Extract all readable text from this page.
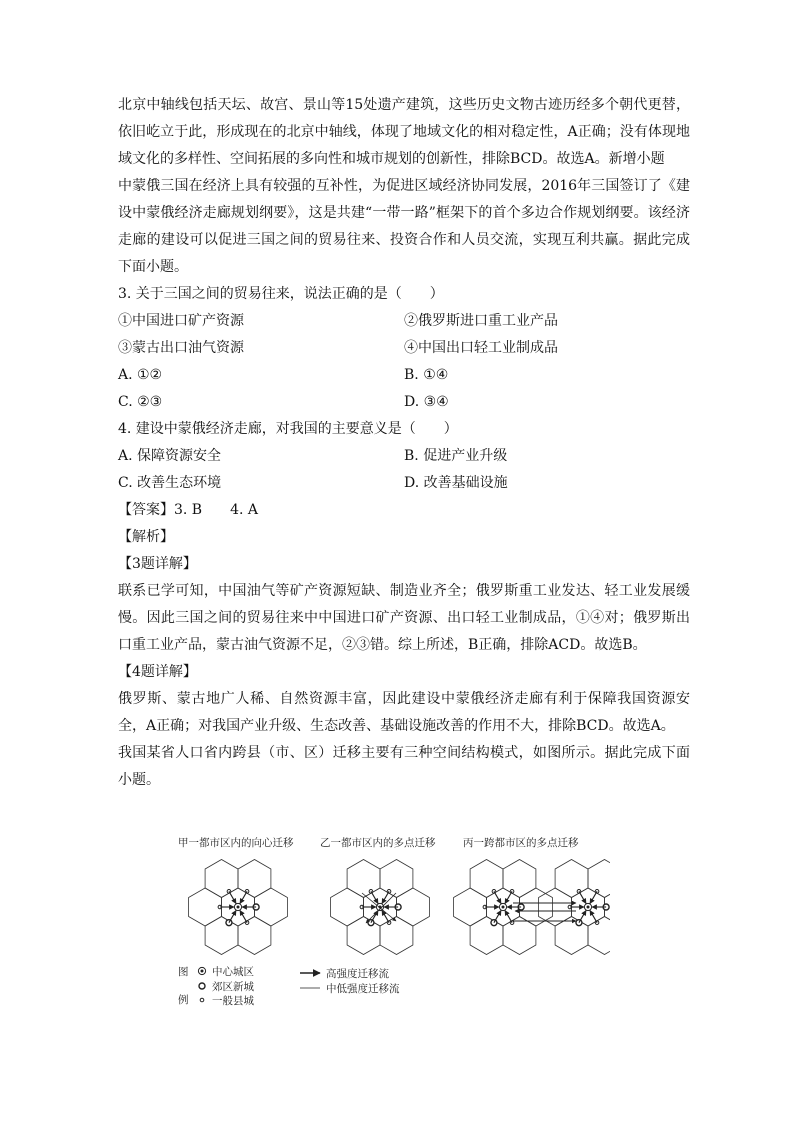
北京中轴线包括天坛、故宫、景山等15处遗产建筑，这些历史文物古迹历经多个朝代更替，依旧屹立于此，形成现在的北京中轴线，体现了地域文化的相对稳定性，A正确；没有体现地域文化的多样性、空间拓展的多向性和城市规划的创新性，排除BCD。故选A。新增小题

中蒙俄三国在经济上具有较强的互补性，为促进区域经济协同发展，2016年三国签订了《建设中蒙俄经济走廊规划纲要》，这是共建“一带一路”框架下的首个多边合作规划纲要。该经济走廊的建设可以促进三国之间的贸易往来、投资合作和人员交流，实现互利共赢。据此完成下面小题。

3. 关于三国之间的贸易往来，说法正确的是（　　）

①中国进口矿产资源	②俄罗斯进口重工业产品
③蒙古出口油气资源	④中国出口轻工业制成品
A. ①②	B. ①④
C. ②③	D. ③④

4. 建设中蒙俄经济走廊，对我国的主要意义是（　　）

A. 保障资源安全	B. 促进产业升级
C. 改善生态环境	D. 改善基础设施

【答案】3. B　　4. A

【解析】

【3题详解】

联系已学可知，中国油气等矿产资源短缺、制造业齐全；俄罗斯重工业发达、轻工业发展缓慢。因此三国之间的贸易往来中中国进口矿产资源、出口轻工业制成品，①④对；俄罗斯出口重工业产品，蒙古油气资源不足，②③错。综上所述，B正确，排除ACD。故选B。

【4题详解】

俄罗斯、蒙古地广人稀、自然资源丰富，因此建设中蒙俄经济走廊有利于保障我国资源安全，A正确；对我国产业升级、生态改善、基础设施改善的作用不大，排除BCD。故选A。

我国某省人口省内跨县（市、区）迁移主要有三种空间结构模式，如图所示。据此完成下面小题。

甲一都市区内的向心迁移	乙一都市区内的多点迁移	丙一跨都市区的多点迁移
图
例
中心城区
郊区新城
一般县城
高强度迁移流
中低强度迁移流
